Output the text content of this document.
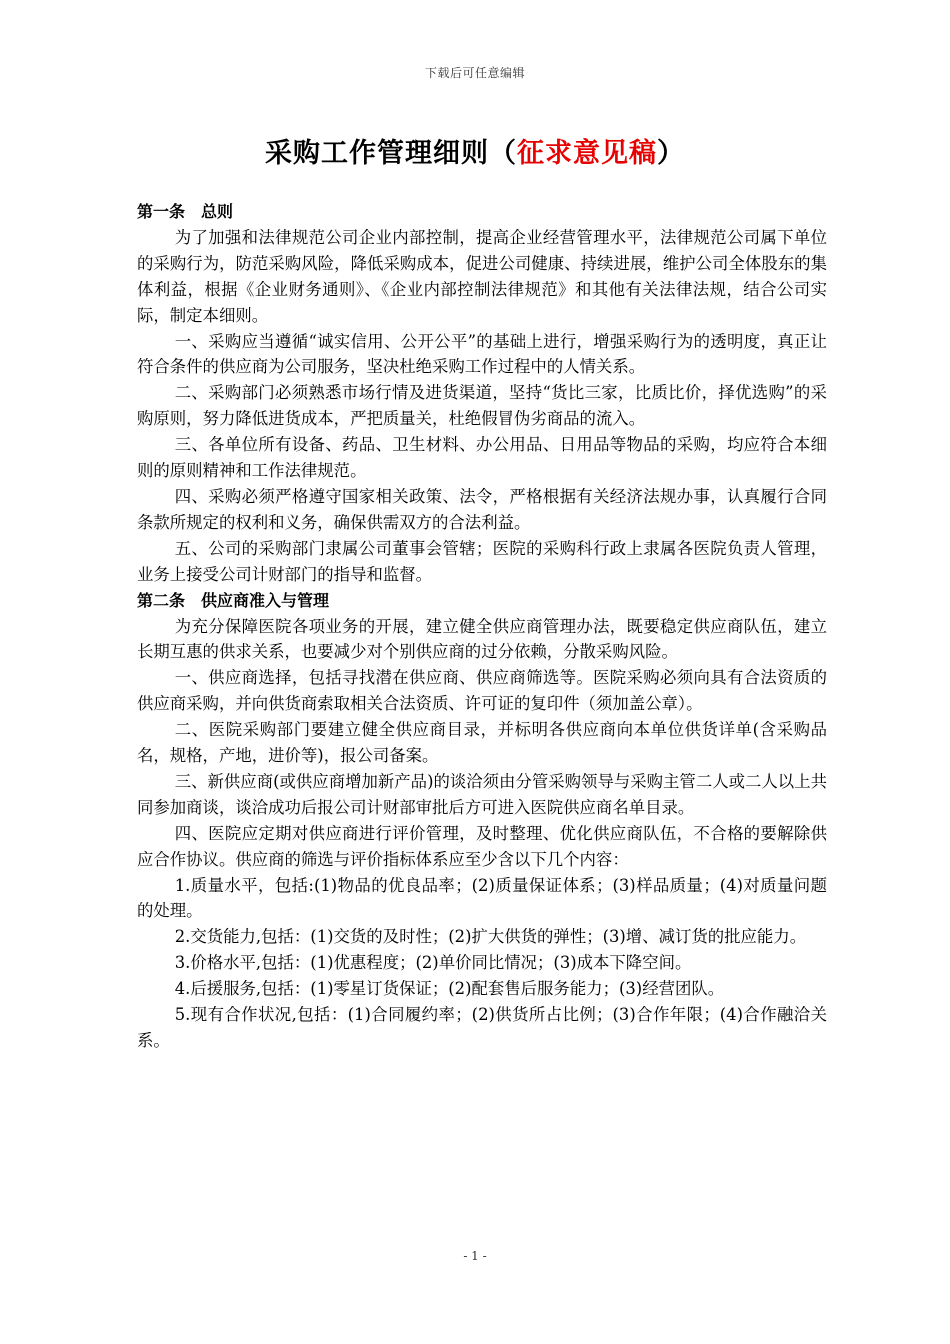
下载后可任意编辑
采购工作管理细则（征求意见稿）

第一条　总则

为了加强和法律规范公司企业内部控制，提高企业经营管理水平，法律规范公司属下单位的采购行为，防范采购风险，降低采购成本，促进公司健康、持续进展，维护公司全体股东的集体利益，根据《企业财务通则》、《企业内部控制法律规范》和其他有关法律法规，结合公司实际，制定本细则。

一、采购应当遵循“诚实信用、公开公平”的基础上进行，增强采购行为的透明度，真正让符合条件的供应商为公司服务，坚决杜绝采购工作过程中的人情关系。

二、采购部门必须熟悉市场行情及进货渠道，坚持“货比三家，比质比价，择优选购”的采购原则，努力降低进货成本，严把质量关，杜绝假冒伪劣商品的流入。

三、各单位所有设备、药品、卫生材料、办公用品、日用品等物品的采购，均应符合本细则的原则精神和工作法律规范。

四、采购必须严格遵守国家相关政策、法令，严格根据有关经济法规办事，认真履行合同条款所规定的权利和义务，确保供需双方的合法利益。

五、公司的采购部门隶属公司董事会管辖；医院的采购科行政上隶属各医院负责人管理，业务上接受公司计财部门的指导和监督。

第二条　供应商准入与管理

为充分保障医院各项业务的开展，建立健全供应商管理办法，既要稳定供应商队伍，建立长期互惠的供求关系，也要减少对个别供应商的过分依赖，分散采购风险。

一、供应商选择，包括寻找潜在供应商、供应商筛选等。医院采购必须向具有合法资质的供应商采购，并向供货商索取相关合法资质、许可证的复印件（须加盖公章）。

二、医院采购部门要建立健全供应商目录，并标明各供应商向本单位供货详单(含采购品名，规格，产地，进价等)，报公司备案。

三、新供应商(或供应商增加新产品)的谈洽须由分管采购领导与采购主管二人或二人以上共同参加商谈，谈洽成功后报公司计财部审批后方可进入医院供应商名单目录。

四、医院应定期对供应商进行评价管理，及时整理、优化供应商队伍，不合格的要解除供应合作协议。供应商的筛选与评价指标体系应至少含以下几个内容：

1.质量水平，包括:(1)物品的优良品率；(2)质量保证体系；(3)样品质量；(4)对质量问题的处理。

2.交货能力,包括：(1)交货的及时性；(2)扩大供货的弹性；(3)增、减订货的批应能力。

3.价格水平,包括：(1)优惠程度；(2)单价同比情况；(3)成本下降空间。

4.后援服务,包括：(1)零星订货保证；(2)配套售后服务能力；(3)经营团队。

5.现有合作状况,包括：(1)合同履约率；(2)供货所占比例；(3)合作年限；(4)合作融洽关系。

- 1 -
